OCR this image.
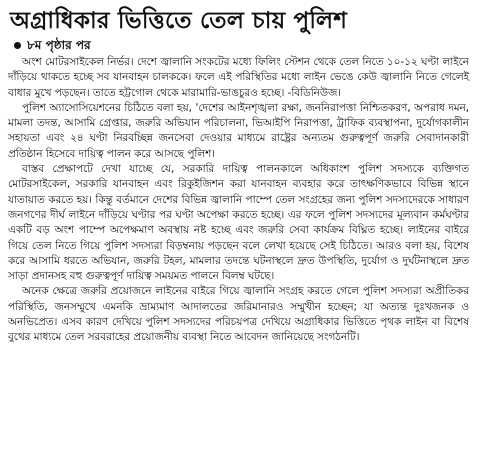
অগ্রাধিকার ভিত্তিতে তেল চায় পুলিশ
৮ম পৃষ্ঠার পর

অংশ মোটরসাইকেল নির্ভর। দেশে জ্বালানি সংকটের মধ্যে ফিলিং স্টেশন থেকে তেল নিতে ১০-১২ ঘণ্টা লাইনে দাঁড়িয়ে থাকতে হচ্ছে সব যানবাহন চালককে। ফলে এই পরিস্থিতির মধ্যে লাইন ভেঙে কেউ জ্বালানি নিতে গেলেই বাধার মুখে পড়ছেন। তাতে হট্টগোল থেকে মারামারি-ভাঙচুরও হচ্ছে। -বিডিনিউজ।

পুলিশ অ্যাসোসিয়েশনের চিঠিতে বলা হয়, 'দেশের আইনশৃঙ্খলা রক্ষা, জননিরাপত্তা নিশ্চিতকরণ, অপরাধ দমন, মামলা তদন্ত, আসামি গ্রেপ্তার, জরুরি অভিযান পরিচালনা, ভিআইপি নিরাপত্তা, ট্রাফিক ব্যবস্থাপনা, দুর্যোগকালীন সহায়তা এবং ২৪ ঘণ্টা নিরবচ্ছিন্ন জনসেবা দেওয়ার মাধ্যমে রাষ্ট্রের অন্যতম গুরুত্বপূর্ণ জরুরি সেবাদানকারী প্রতিষ্ঠান হিসেবে দায়িত্ব পালন করে আসছে পুলিশ।

বাস্তব প্রেক্ষাপটে দেখা যাচ্ছে যে, সরকারি দায়িত্ব পালনকালে অধিকাংশ পুলিশ সদস্যকে ব্যক্তিগত মোটরসাইকেল, সরকারি যানবাহন এবং রিকুইজিশন করা যানবাহন ব্যবহার করে তাৎক্ষণিকভাবে বিভিন্ন স্থানে যাতায়াত করতে হয়। কিন্তু বর্তমানে দেশের বিভিন্ন জ্বালানি পাম্পে তেল সংগ্রহের জন্য পুলিশ সদস্যদেরকে সাধারণ জনগণের দীর্ঘ লাইনে দাঁড়িয়ে ঘণ্টার পর ঘণ্টা অপেক্ষা করতে হচ্ছে। এর ফলে পুলিশ সদস্যদের মূল্যবান কর্মঘণ্টার একটি বড় অংশ পাম্পে অপেক্ষমাণ অবস্থায় নষ্ট হচ্ছে এবং জরুরি সেবা কার্যক্রম বিঘ্নিত হচ্ছে। লাইনের বাইরে গিয়ে তেল নিতে গিয়ে পুলিশ সদস্যরা বিড়ম্বনায় পড়ছেন বলে লেখা হয়েছে সেই চিঠিতে। আরও বলা হয়, বিশেষ করে আসামি ধরতে অভিযান, জরুরি টহল, মামলার তদন্তে ঘটনাস্থলে দ্রুত উপস্থিতি, দুর্যোগ ও দুর্ঘটনাস্থলে দ্রুত সাড়া প্রদানসহ বহু গুরুত্বপূর্ণ দায়িত্ব সময়মত পালনে বিলম্ব ঘটছে।

অনেক ক্ষেত্রে জরুরি প্রয়োজনে লাইনের বাইরে গিয়ে জ্বালানি সংগ্রহ করতে গেলে পুলিশ সদস্যরা অপ্রীতিকর পরিস্থিতি, জনসম্মুখে এমনকি ভ্রাম্যমাণ আদালতের জরিমানারও সম্মুখীন হচ্ছেন; যা অত্যন্ত দুঃখজনক ও অনভিপ্রেত। এসব কারণ দেখিয়ে পুলিশ সদস্যদের পরিচয়পত্র দেখিয়ে অগ্রাধিকার ভিত্তিতে পৃথক লাইন বা বিশেষ বুথের মাধ্যমে তেল সরবরাহের প্রয়োজনীয় ব্যবস্থা নিতে আবেদন জানিয়েছে সংগঠনটি।
